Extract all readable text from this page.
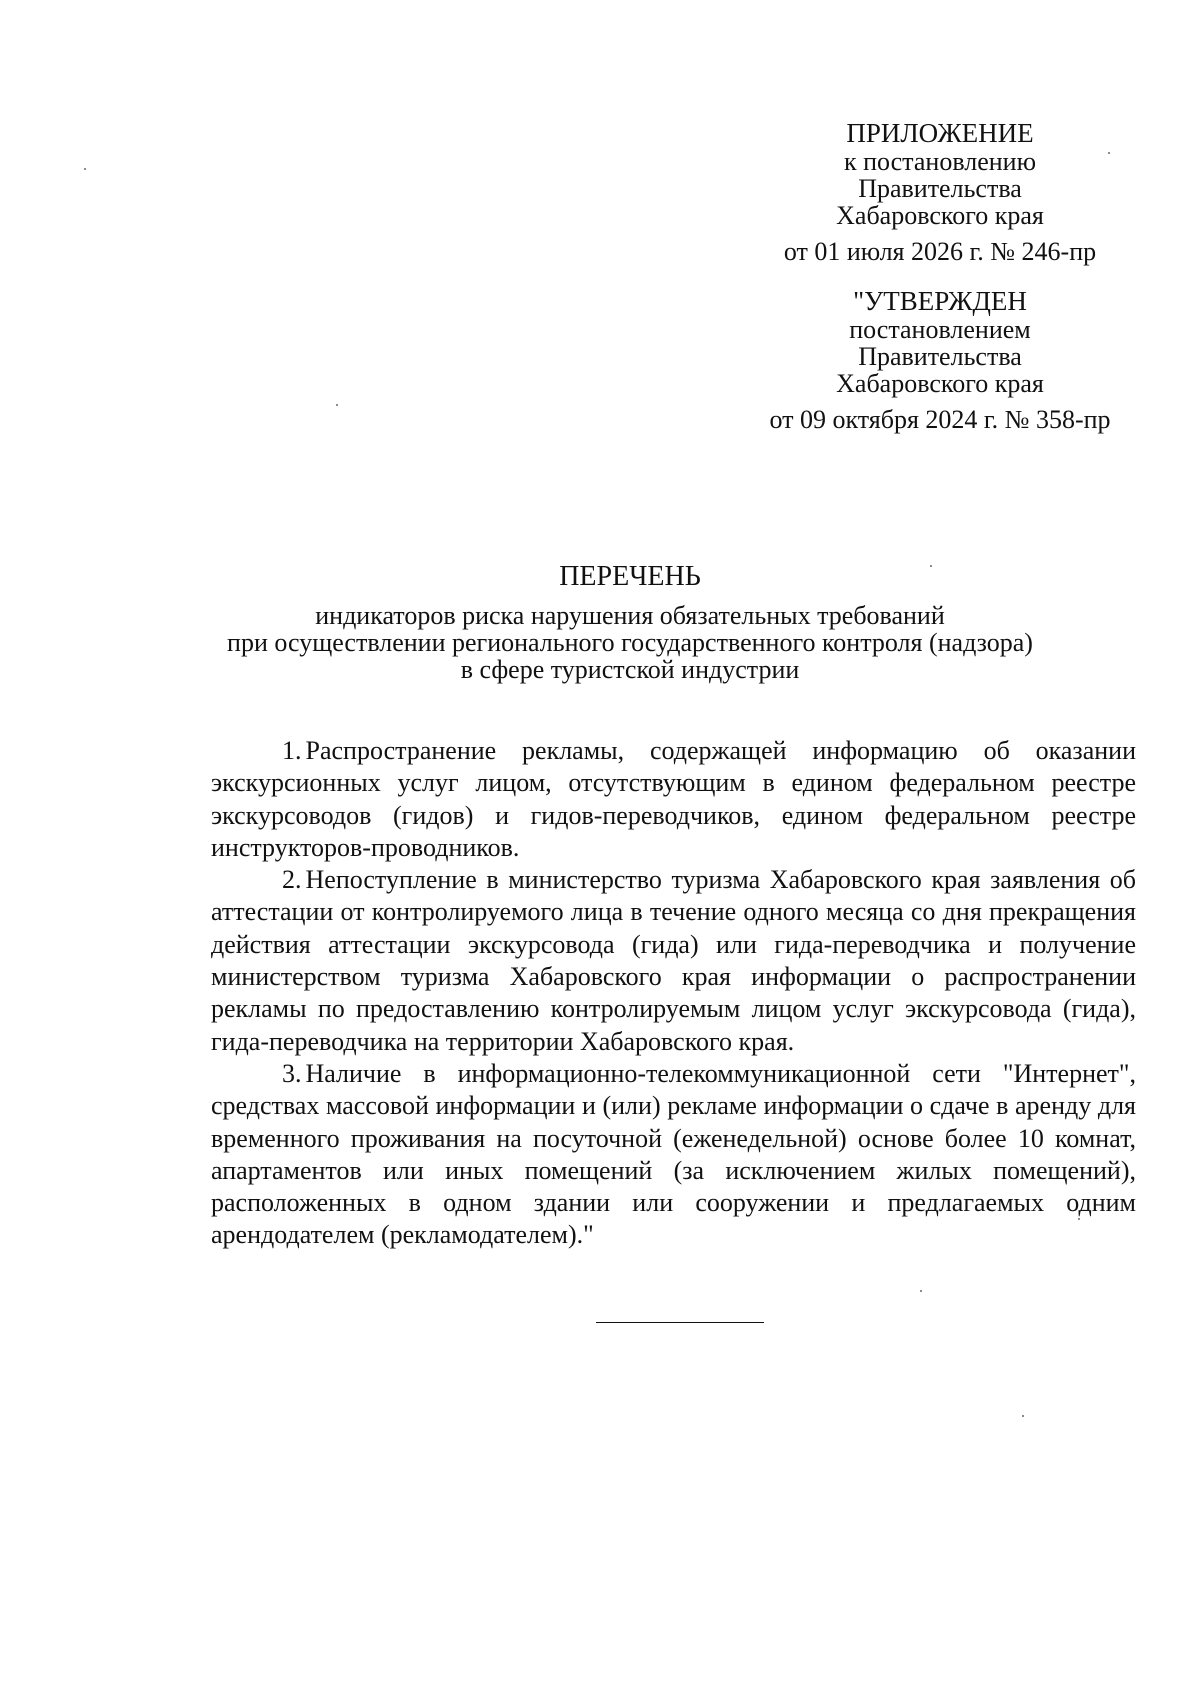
ПРИЛОЖЕНИЕ
к постановлению
Правительства
Хабаровского края
от 01 июля 2026 г. № 246-пр
"УТВЕРЖДЕН
постановлением
Правительства
Хабаровского края
от 09 октября 2024 г. № 358-пр
ПЕРЕЧЕНЬ
индикаторов риска нарушения обязательных требований
при осуществлении регионального государственного контроля (надзора)
в сфере туристской индустрии

1. Распространение рекламы, содержащей информацию об оказании экскурсионных услуг лицом, отсутствующим в едином федеральном реестре экскурсоводов (гидов) и гидов-переводчиков, едином федеральном реестре инструкторов-проводников.

2. Непоступление в министерство туризма Хабаровского края заявления об аттестации от контролируемого лица в течение одного месяца со дня прекращения действия аттестации экскурсовода (гида) или гида-переводчика и получение министерством туризма Хабаровского края информации о распространении рекламы по предоставлению контролируемым лицом услуг экскурсовода (гида), гида-переводчика на территории Хабаровского края.

3. Наличие в информационно-телекоммуникационной сети "Интернет", средствах массовой информации и (или) рекламе информации о сдаче в аренду для временного проживания на посуточной (еженедельной) основе более 10 комнат, апартаментов или иных помещений (за исключением жилых помещений), расположенных в одном здании или сооружении и предлагаемых одним арендодателем (рекламодателем)."
